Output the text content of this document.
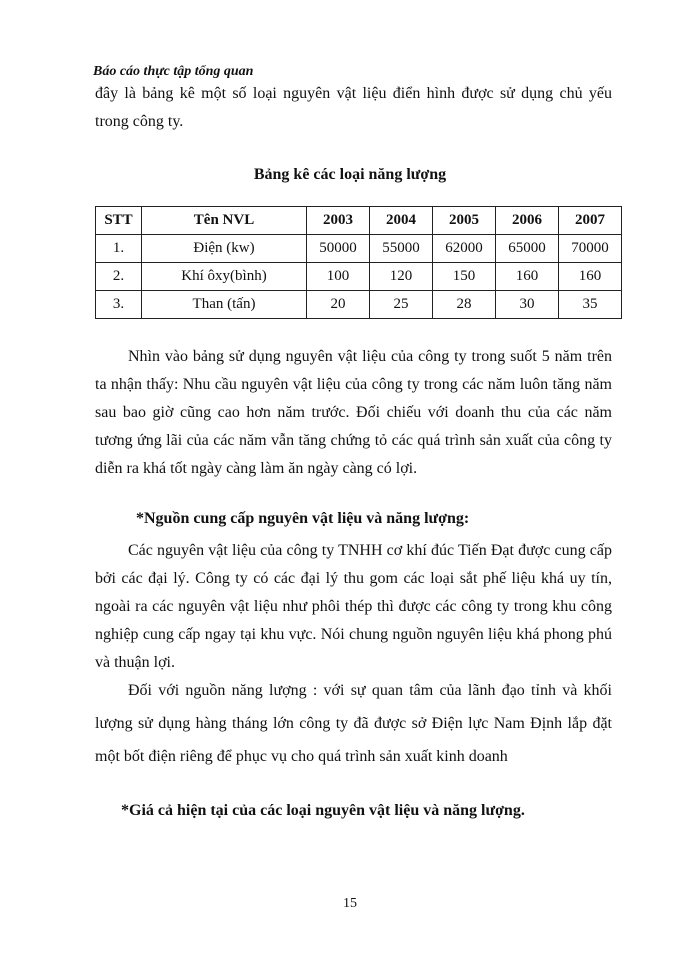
Báo cáo thực tập tổng quan
đây là bảng kê một số loại nguyên vật liệu điển hình được sử dụng chủ yếu trong công ty.
Bảng kê các loại năng lượng
STT	Tên NVL	2003	2004	2005	2006	2007
1.	Điện (kw)	50000	55000	62000	65000	70000
2.	Khí ôxy(bình)	100	120	150	160	160
3.	Than (tấn)	20	25	28	30	35
Nhìn vào bảng sử dụng nguyên vật liệu của công ty trong suốt 5 năm trên ta nhận thấy: Nhu cầu nguyên vật liệu của công ty trong các năm luôn tăng năm sau bao giờ cũng cao hơn năm trước. Đối chiếu với doanh thu của các năm tương ứng lãi của các năm vẫn tăng chứng tỏ các quá trình sản xuất của công ty diễn ra khá tốt ngày càng làm ăn ngày càng có lợi.
*Nguồn cung cấp nguyên vật liệu và năng lượng:
Các nguyên vật liệu của công ty TNHH cơ khí đúc Tiến Đạt được cung cấp bởi các đại lý. Công ty có các đại lý thu gom các loại sắt phế liệu khá uy tín, ngoài ra các nguyên vật liệu như phôi thép thì được các công ty trong khu công nghiệp cung cấp ngay tại khu vực. Nói chung nguồn nguyên liệu khá phong phú và thuận lợi.
Đối với nguồn năng lượng : với sự quan tâm của lãnh đạo tỉnh và khối lượng sử dụng hàng tháng lớn công ty đã được sở Điện lực Nam Định lắp đặt một bốt điện riêng để phục vụ cho quá trình sản xuất kinh doanh
*Giá cả hiện tại của các loại nguyên vật liệu và năng lượng.
15
